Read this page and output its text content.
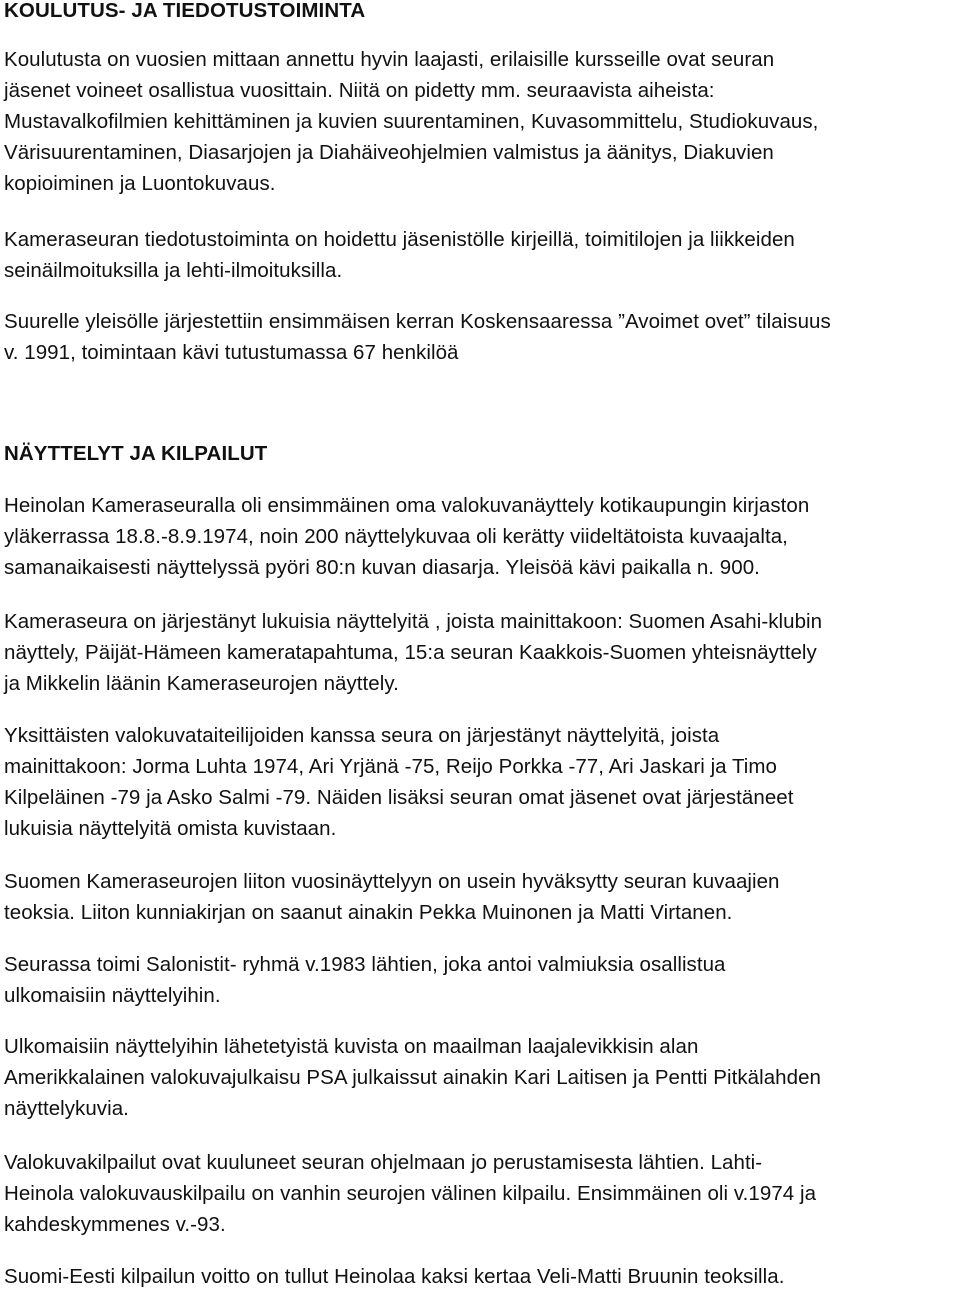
KOULUTUS- JA TIEDOTUSTOIMINTA

Koulutusta on vuosien mittaan annettu hyvin laajasti, erilaisille kursseille ovat seuran
jäsenet voineet osallistua vuosittain. Niitä on pidetty mm. seuraavista aiheista:
Mustavalkofilmien kehittäminen ja kuvien suurentaminen, Kuvasommittelu, Studiokuvaus,
Värisuurentaminen, Diasarjojen ja Diahäiveohjelmien valmistus ja äänitys, Diakuvien
kopioiminen ja Luontokuvaus.

Kameraseuran tiedotustoiminta on hoidettu jäsenistölle kirjeillä, toimitilojen ja liikkeiden
seinäilmoituksilla ja lehti-ilmoituksilla.

Suurelle yleisölle järjestettiin ensimmäisen kerran Koskensaaressa ”Avoimet ovet” tilaisuus
v. 1991, toimintaan kävi tutustumassa 67 henkilöä

NÄYTTELYT JA KILPAILUT

Heinolan Kameraseuralla oli ensimmäinen oma valokuvanäyttely kotikaupungin kirjaston
yläkerrassa 18.8.-8.9.1974, noin 200 näyttelykuvaa oli kerätty viideltätoista kuvaajalta,
samanaikaisesti näyttelyssä pyöri 80:n kuvan diasarja. Yleisöä kävi paikalla n. 900.

Kameraseura on järjestänyt lukuisia näyttelyitä , joista mainittakoon: Suomen Asahi-klubin
näyttely, Päijät-Hämeen kameratapahtuma, 15:a seuran Kaakkois-Suomen yhteisnäyttely
ja Mikkelin läänin Kameraseurojen näyttely.

Yksittäisten valokuvataiteilijoiden kanssa seura on järjestänyt näyttelyitä, joista
mainittakoon: Jorma Luhta 1974, Ari Yrjänä -75, Reijo Porkka -77, Ari Jaskari ja Timo
Kilpeläinen -79 ja Asko Salmi -79. Näiden lisäksi seuran omat jäsenet ovat järjestäneet
lukuisia näyttelyitä omista kuvistaan.

Suomen Kameraseurojen liiton vuosinäyttelyyn on usein hyväksytty seuran kuvaajien
teoksia. Liiton kunniakirjan on saanut ainakin Pekka Muinonen ja Matti Virtanen.

Seurassa toimi Salonistit- ryhmä v.1983 lähtien, joka antoi valmiuksia osallistua
ulkomaisiin näyttelyihin.

Ulkomaisiin näyttelyihin lähetetyistä kuvista on maailman laajalevikkisin alan
Amerikkalainen valokuvajulkaisu PSA julkaissut ainakin Kari Laitisen ja Pentti Pitkälahden
näyttelykuvia.

Valokuvakilpailut ovat kuuluneet seuran ohjelmaan jo perustamisesta lähtien. Lahti-
Heinola valokuvauskilpailu on vanhin seurojen välinen kilpailu. Ensimmäinen oli v.1974 ja
kahdeskymmenes v.-93.

Suomi-Eesti kilpailun voitto on tullut Heinolaa kaksi kertaa Veli-Matti Bruunin teoksilla.
